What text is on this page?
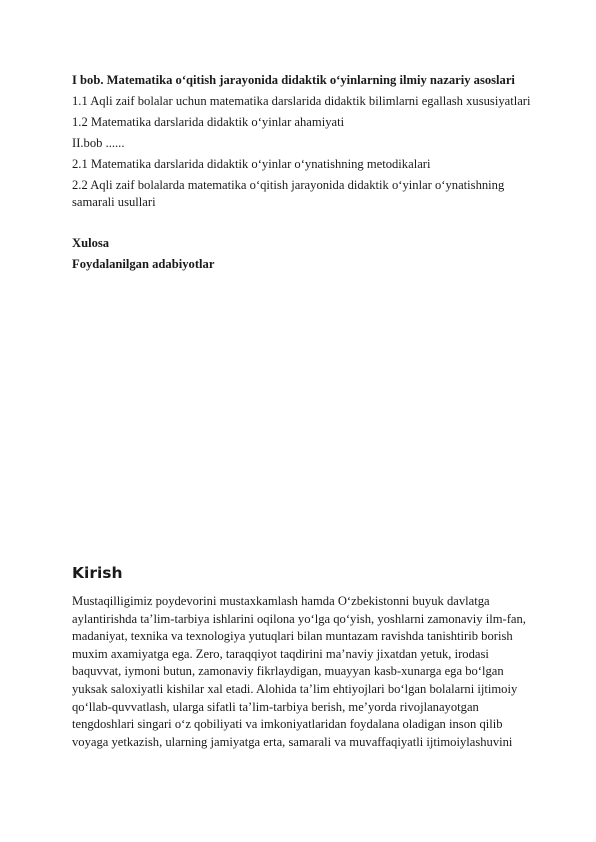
I bob. Matematika o‘qitish jarayonida didaktik o‘yinlarning ilmiy nazariy asoslari

1.1 Aqli zaif bolalar uchun matematika darslarida didaktik bilimlarni egallash xususiyatlari

1.2 Matematika darslarida didaktik o‘yinlar ahamiyati

II.bob ......

2.1 Matematika darslarida didaktik o‘yinlar o‘ynatishning metodikalari

2.2 Aqli zaif bolalarda matematika o‘qitish jarayonida didaktik o‘yinlar o‘ynatishning samarali usullari

Xulosa

Foydalanilgan adabiyotlar

Kirish

Mustaqilligimiz poydevorini mustaxkamlash hamda O‘zbekistonni buyuk davlatga aylantirishda ta’lim-tarbiya ishlarini oqilona yo‘lga qo‘yish, yoshlarni zamonaviy ilm-fan, madaniyat, texnika va texnologiya yutuqlari bilan muntazam ravishda tanishtirib borish muxim axamiyatga ega. Zero, taraqqiyot taqdirini ma’naviy jixatdan yetuk, irodasi baquvvat, iymoni butun, zamonaviy fikrlaydigan, muayyan kasb-xunarga ega bo‘lgan yuksak saloxiyatli kishilar xal etadi. Alohida ta’lim ehtiyojlari bo‘lgan bolalarni ijtimoiy qo‘llab-quvvatlash, ularga sifatli ta’lim-tarbiya berish, me’yorda rivojlanayotgan tengdoshlari singari o‘z qobiliyati va imkoniyatlaridan foydalana oladigan inson qilib voyaga yetkazish, ularning jamiyatga erta, samarali va muvaffaqiyatli ijtimoiylashuvini
